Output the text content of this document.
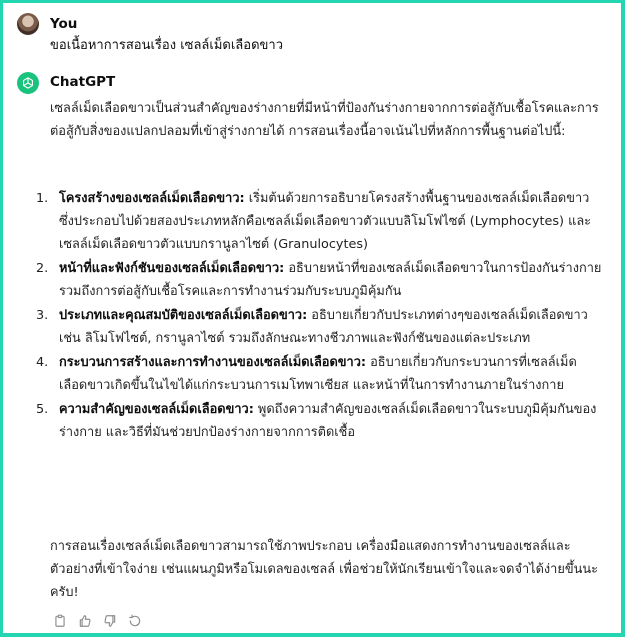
You
ขอเนื้อหาการสอนเรื่อง เซลล์เม็ดเลือดขาว
ChatGPT
เซลล์เม็ดเลือดขาวเป็นส่วนสำคัญของร่างกายที่มีหน้าที่ป้องกันร่างกายจากการต่อสู้กับเชื้อโรคและการต่อสู้กับสิ่งของแปลกปลอมที่เข้าสู่ร่างกายได้ การสอนเรื่องนี้อาจเน้นไปที่หลักการพื้นฐานต่อไปนี้:
1. โครงสร้างของเซลล์เม็ดเลือดขาว: เริ่มต้นด้วยการอธิบายโครงสร้างพื้นฐานของเซลล์เม็ดเลือดขาว ซึ่งประกอบไปด้วยสองประเภทหลักคือเซลล์เม็ดเลือดขาวตัวแบบลิโมโฟไซต์ (Lymphocytes) และเซลล์เม็ดเลือดขาวตัวแบบกรานูลาไซต์ (Granulocytes)
2. หน้าที่และฟังก์ชันของเซลล์เม็ดเลือดขาว: อธิบายหน้าที่ของเซลล์เม็ดเลือดขาวในการป้องกันร่างกาย รวมถึงการต่อสู้กับเชื้อโรคและการทำงานร่วมกับระบบภูมิคุ้มกัน
3. ประเภทและคุณสมบัติของเซลล์เม็ดเลือดขาว: อธิบายเกี่ยวกับประเภทต่างๆของเซลล์เม็ดเลือดขาว เช่น ลิโมโฟไซต์, กรานูลาไซต์ รวมถึงลักษณะทางชีวภาพและฟังก์ชันของแต่ละประเภท
4. กระบวนการสร้างและการทำงานของเซลล์เม็ดเลือดขาว: อธิบายเกี่ยวกับกระบวนการที่เซลล์เม็ดเลือดขาวเกิดขึ้นในไขได้แก่กระบวนการเมโทพาเซียส และหน้าที่ในการทำงานภายในร่างกาย
5. ความสำคัญของเซลล์เม็ดเลือดขาว: พูดถึงความสำคัญของเซลล์เม็ดเลือดขาวในระบบภูมิคุ้มกันของร่างกาย และวิธีที่มันช่วยปกป้องร่างกายจากการติดเชื้อ
การสอนเรื่องเซลล์เม็ดเลือดขาวสามารถใช้ภาพประกอบ เครื่องมือแสดงการทำงานของเซลล์และตัวอย่างที่เข้าใจง่าย เช่นแผนภูมิหรือโมเดลของเซลล์ เพื่อช่วยให้นักเรียนเข้าใจและจดจำได้ง่ายขึ้นนะครับ!
